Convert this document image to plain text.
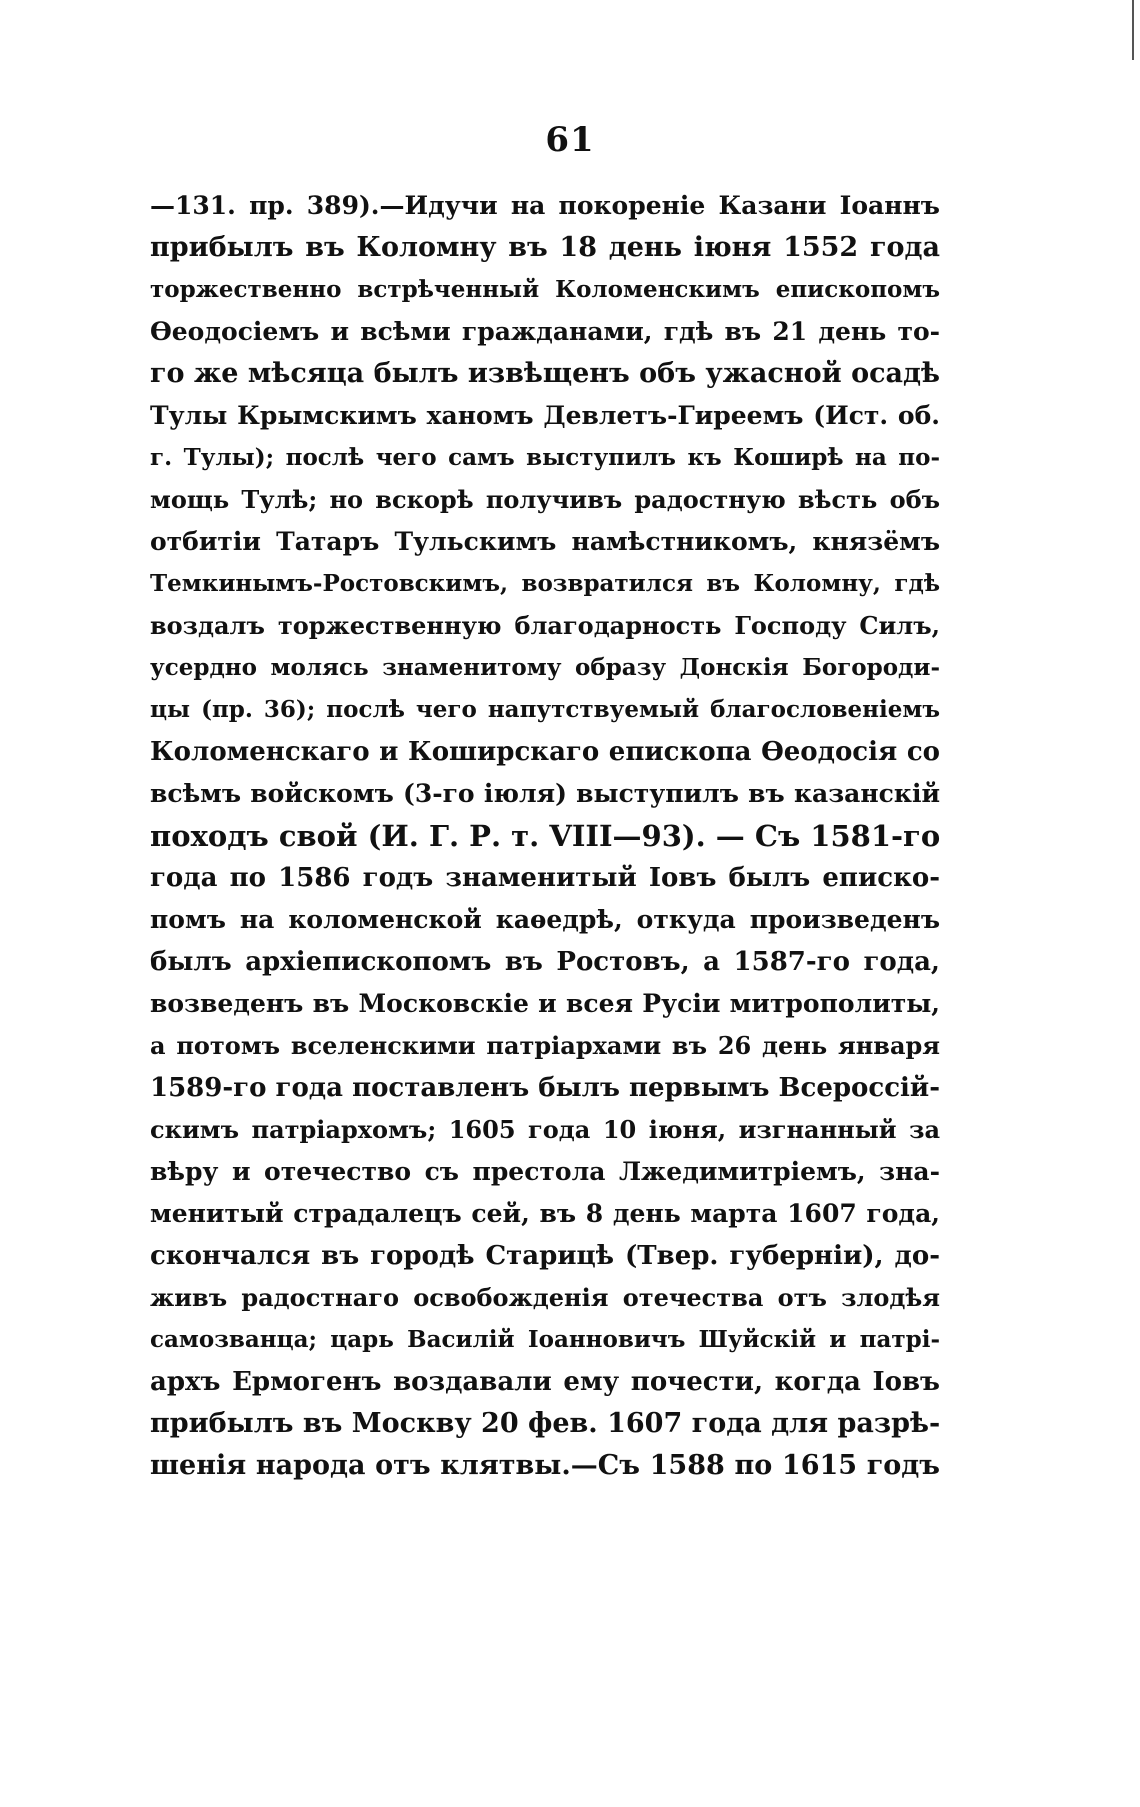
61
—131. пр. 389).—Идучи на покореніе Казани Іоаннъ
прибылъ въ Коломну въ 18 день іюня 1552 года
торжественно встрѣченный Коломенскимъ епископомъ
Ѳеодосіемъ и всѣми гражданами, гдѣ въ 21 день то-
го же мѣсяца былъ извѣщенъ объ ужасной осадѣ
Тулы Крымскимъ ханомъ Девлетъ-Гиреемъ (Ист. об.
г. Тулы); послѣ чего самъ выступилъ къ Коширѣ на по-
мощь Тулѣ; но вскорѣ получивъ радостную вѣсть объ
отбитіи Татаръ Тульскимъ намѣстникомъ, князёмъ
Темкинымъ-Ростовскимъ, возвратился въ Коломну, гдѣ
воздалъ торжественную благодарность Господу Силъ,
усердно молясь знаменитому образу Донскія Богороди-
цы (пр. 36); послѣ чего напутствуемый благословеніемъ
Коломенскаго и Коширскаго епископа Ѳеодосія со
всѣмъ войскомъ (3-го іюля) выступилъ въ казанскій
походъ свой (И. Г. Р. т. VIII—93). — Съ 1581-го
года по 1586 годъ знаменитый Іовъ былъ еписко-
помъ на коломенской каѳедрѣ, откуда произведенъ
былъ архіепископомъ въ Ростовъ, а 1587-го года,
возведенъ въ Московскіе и всея Русіи митрополиты,
а потомъ вселенскими патріархами въ 26 день января
1589-го года поставленъ былъ первымъ Всероссій-
скимъ патріархомъ; 1605 года 10 іюня, изгнанный за
вѣру и отечество съ престола Лжедимитріемъ, зна-
менитый страдалецъ сей, въ 8 день марта 1607 года,
скончался въ городѣ Старицѣ (Твер. губерніи), до-
живъ радостнаго освобожденія отечества отъ злодѣя
самозванца; царь Василій Іоанновичъ Шуйскій и патрі-
архъ Ермогенъ воздавали ему почести, когда Іовъ
прибылъ въ Москву 20 фев. 1607 года для разрѣ-
шенія народа отъ клятвы.—Съ 1588 по 1615 годъ
